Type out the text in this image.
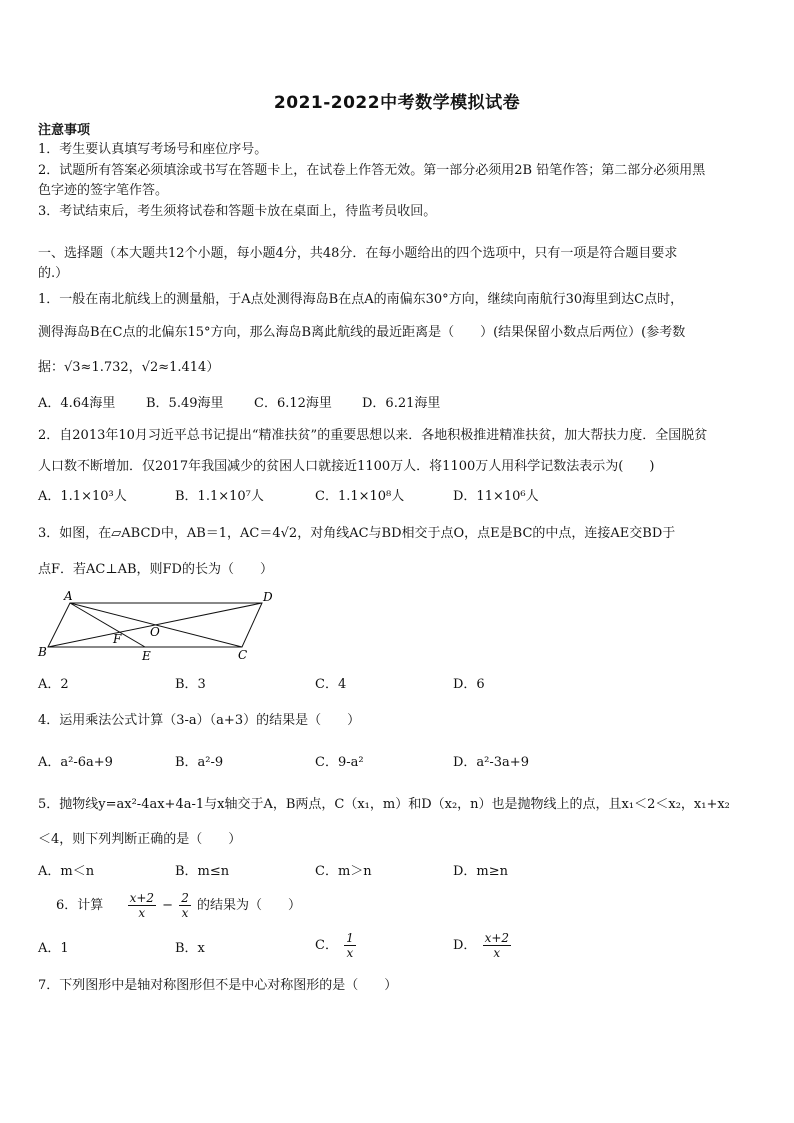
2021-2022中考数学模拟试卷
注意事项
1．考生要认真填写考场号和座位序号。
2．试题所有答案必须填涂或书写在答题卡上，在试卷上作答无效。第一部分必须用2B 铅笔作答；第二部分必须用黑
色字迹的签字笔作答。
3．考试结束后，考生须将试卷和答题卡放在桌面上，待监考员收回。
一、选择题（本大题共12个小题，每小题4分，共48分．在每小题给出的四个选项中，只有一项是符合题目要求
的.）
1．一般在南北航线上的测量船，于A点处测得海岛B在点A的南偏东30°方向，继续向南航行30海里到达C点时，
测得海岛B在C点的北偏东15°方向，那么海岛B离此航线的最近距离是（　　）(结果保留小数点后两位）(参考数
据：√3≈1.732，√2≈1.414）
A．4.64海里 B．5.49海里 C．6.12海里 D．6.21海里
2．自2013年10月习近平总书记提出“精准扶贫”的重要思想以来．各地积极推进精准扶贫，加大帮扶力度．全国脱贫
人口数不断增加．仅2017年我国减少的贫困人口就接近1100万人．将1100万人用科学记数法表示为(　　)
A．1.1×10³人	B．1.1×10⁷人	C．1.1×10⁸人	D．11×10⁶人
3．如图，在▱ABCD中，AB＝1，AC＝4√2，对角线AC与BD相交于点O，点E是BC的中点，连接AE交BD于
点F．若AC⊥AB，则FD的长为（　　）
A	D
B	C
F O
E
A．2	B．3	C．4	D．6
4．运用乘法公式计算（3-a）（a+3）的结果是（　　）
A．a²-6a+9	B．a²-9	C．9-a²	D．a²-3a+9
5．抛物线y=ax²-4ax+4a-1与x轴交于A，B两点，C（x₁，m）和D（x₂，n）也是抛物线上的点，且x₁＜2＜x₂，x₁+x₂
＜4，则下列判断正确的是（　　）
A．m＜n	B．m≤n	C．m＞n	D．m≥n
6．计算 $\frac{x+2}{x} - \frac{2}{x}$ 的结果为（　　）
A．1	B．x	C． $\frac{1}{x}$	D． $\frac{x+2}{x}$
7．下列图形中是轴对称图形但不是中心对称图形的是（　　）
